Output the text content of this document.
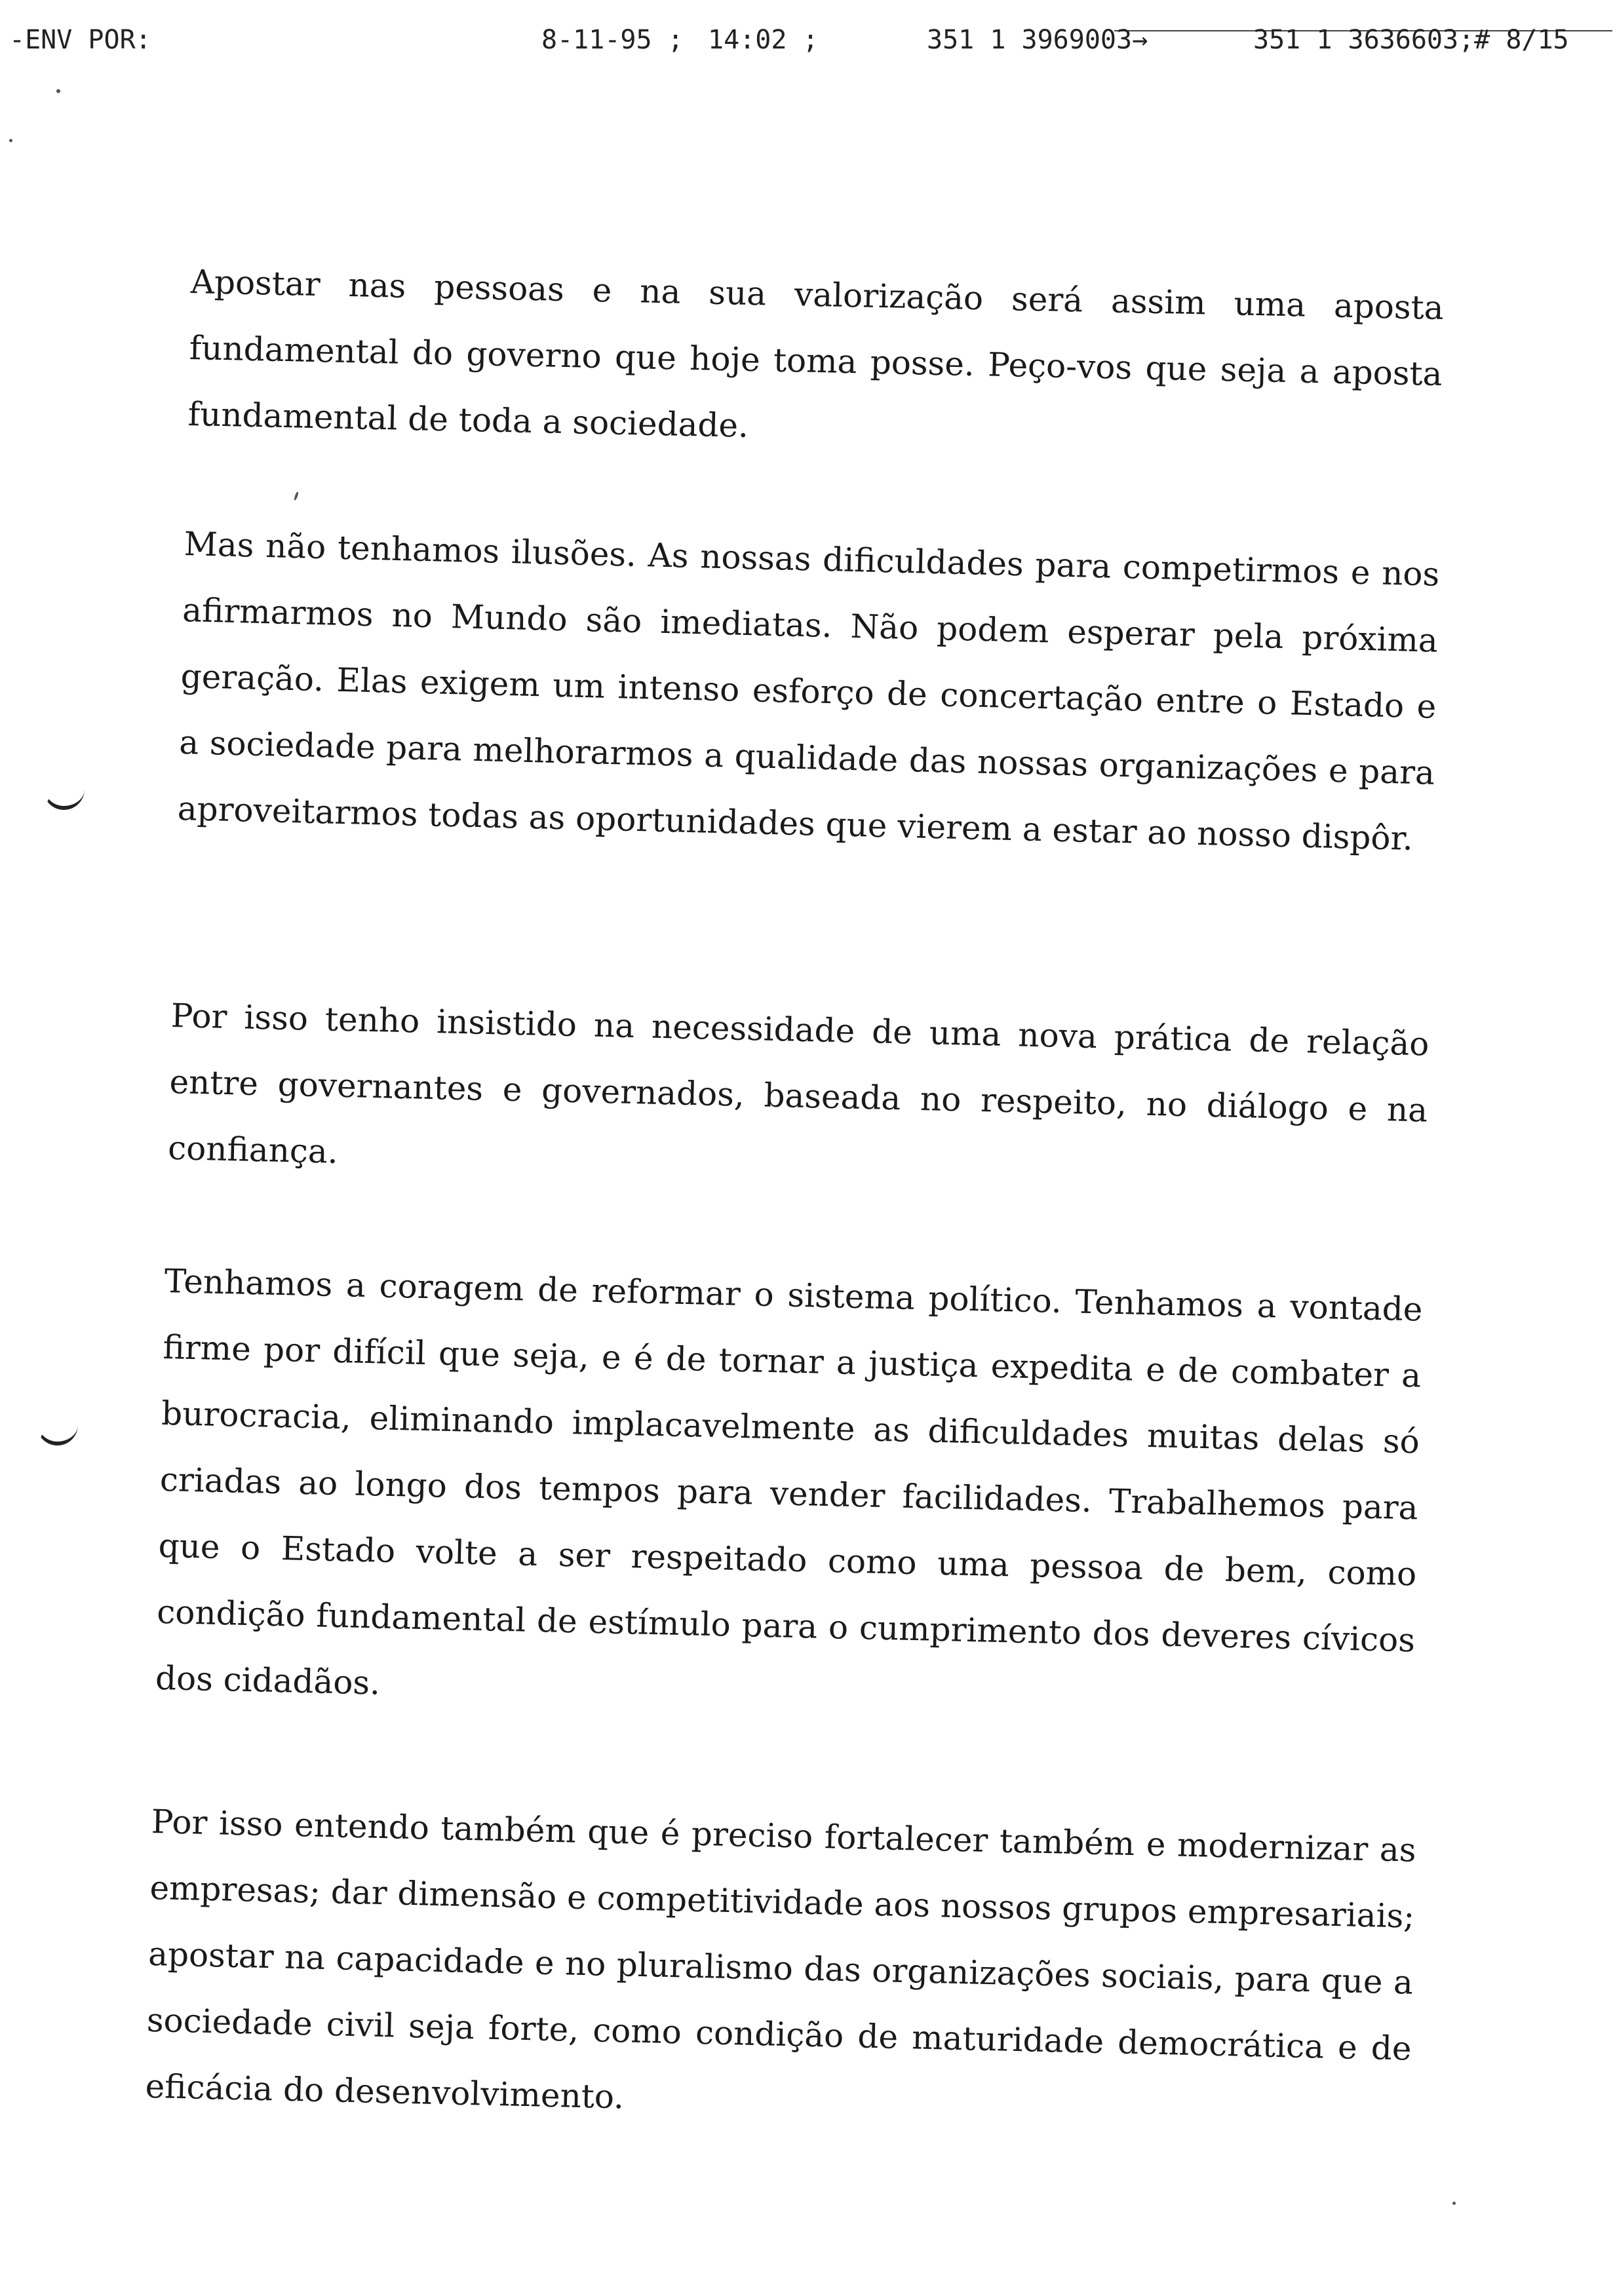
-ENV POR:	8-11-95 ; 14:02 ;	351 1 3969003→	351 1 3636603;# 8/15

Apostar nas pessoas e na sua valorização será assim uma aposta fundamental do governo que hoje toma posse. Peço-vos que seja a aposta fundamental de toda a sociedade.

Mas não tenhamos ilusões. As nossas dificuldades para competirmos e nos afirmarmos no Mundo são imediatas. Não podem esperar pela próxima geração. Elas exigem um intenso esforço de concertação entre o Estado e a sociedade para melhorarmos a qualidade das nossas organizações e para aproveitarmos todas as oportunidades que vierem a estar ao nosso dispôr.

Por isso tenho insistido na necessidade de uma nova prática de relação entre governantes e governados, baseada no respeito, no diálogo e na confiança.

Tenhamos a coragem de reformar o sistema político. Tenhamos a vontade firme por difícil que seja, e é de tornar a justiça expedita e de combater a burocracia, eliminando implacavelmente as dificuldades muitas delas só criadas ao longo dos tempos para vender facilidades. Trabalhemos para que o Estado volte a ser respeitado como uma pessoa de bem, como condição fundamental de estímulo para o cumprimento dos deveres cívicos dos cidadãos.

Por isso entendo também que é preciso fortalecer também e modernizar as empresas; dar dimensão e competitividade aos nossos grupos empresariais; apostar na capacidade e no pluralismo das organizações sociais, para que a sociedade civil seja forte, como condição de maturidade democrática e de eficácia do desenvolvimento.
